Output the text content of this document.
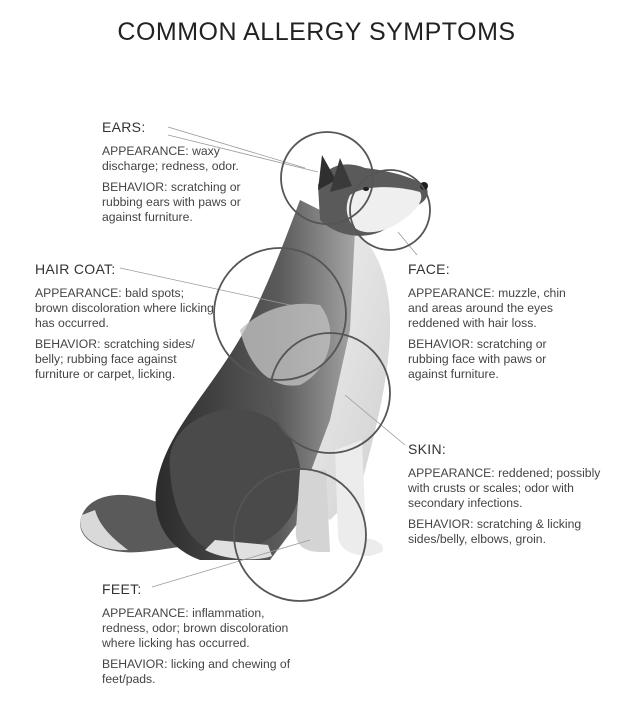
COMMON ALLERGY SYMPTOMS
EARS:

APPEARANCE: waxy discharge; redness, odor.

BEHAVIOR: scratching or rubbing ears with paws or against furniture.

HAIR COAT:

APPEARANCE: bald spots; brown discoloration where licking has occurred.

BEHAVIOR: scratching sides/ belly; rubbing face against furniture or carpet, licking.

FACE:

APPEARANCE: muzzle, chin and areas around the eyes reddened with hair loss.

BEHAVIOR: scratching or rubbing face with paws or against furniture.

SKIN:

APPEARANCE: reddened; possibly with crusts or scales; odor with secondary infections.

BEHAVIOR: scratching & licking sides/belly, elbows, groin.

FEET:

APPEARANCE: inflammation, redness, odor; brown discoloration where licking has occurred.

BEHAVIOR: licking and chewing of feet/pads.
